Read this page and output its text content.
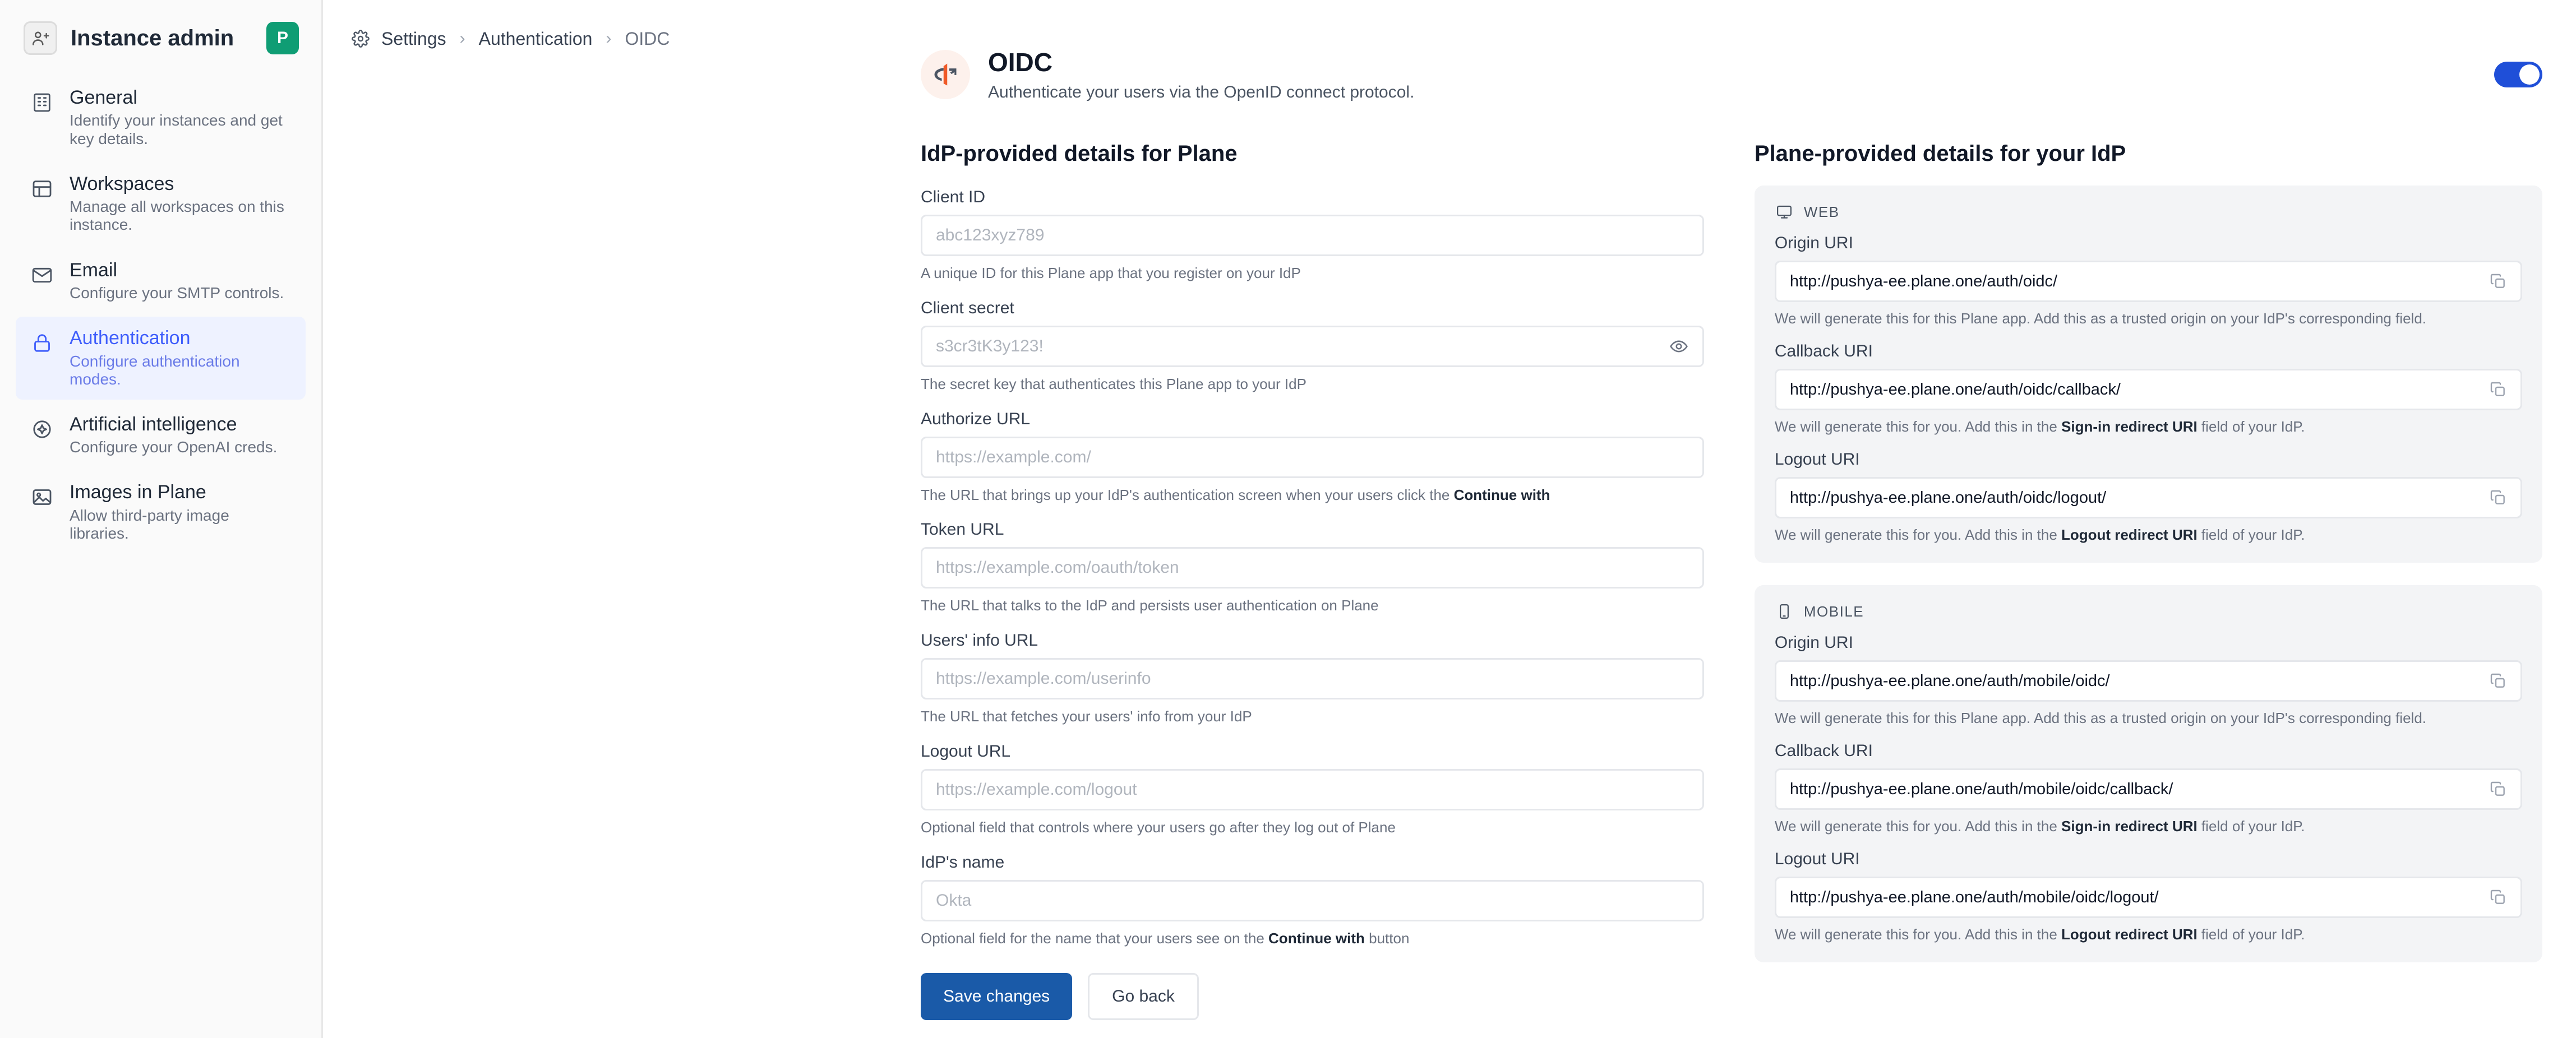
Instance admin	P
General
Identify your instances and get key details.
Workspaces
Manage all workspaces on this instance.
Email
Configure your SMTP controls.
Authentication
Configure authentication modes.
Artificial intelligence
Configure your OpenAI creds.
Images in Plane
Allow third-party image libraries.
Settings › Authentication › OIDC
OIDC
Authenticate your users via the OpenID connect protocol.
IdP-provided details for Plane
Client ID
abc123xyz789
A unique ID for this Plane app that you register on your IdP
Client secret
s3cr3tK3y123!
The secret key that authenticates this Plane app to your IdP
Authorize URL
https://example.com/
The URL that brings up your IdP's authentication screen when your users click the Continue with
Token URL
https://example.com/oauth/token
The URL that talks to the IdP and persists user authentication on Plane
Users' info URL
https://example.com/userinfo
The URL that fetches your users' info from your IdP
Logout URL
https://example.com/logout
Optional field that controls where your users go after they log out of Plane
IdP's name
Okta
Optional field for the name that your users see on the Continue with button
Save changes	Go back
Plane-provided details for your IdP
WEB
Origin URI
http://pushya-ee.plane.one/auth/oidc/
We will generate this for this Plane app. Add this as a trusted origin on your IdP's corresponding field.
Callback URI
http://pushya-ee.plane.one/auth/oidc/callback/
We will generate this for you. Add this in the Sign-in redirect URI field of your IdP.
Logout URI
http://pushya-ee.plane.one/auth/oidc/logout/
We will generate this for you. Add this in the Logout redirect URI field of your IdP.
MOBILE
Origin URI
http://pushya-ee.plane.one/auth/mobile/oidc/
We will generate this for this Plane app. Add this as a trusted origin on your IdP's corresponding field.
Callback URI
http://pushya-ee.plane.one/auth/mobile/oidc/callback/
We will generate this for you. Add this in the Sign-in redirect URI field of your IdP.
Logout URI
http://pushya-ee.plane.one/auth/mobile/oidc/logout/
We will generate this for you. Add this in the Logout redirect URI field of your IdP.
